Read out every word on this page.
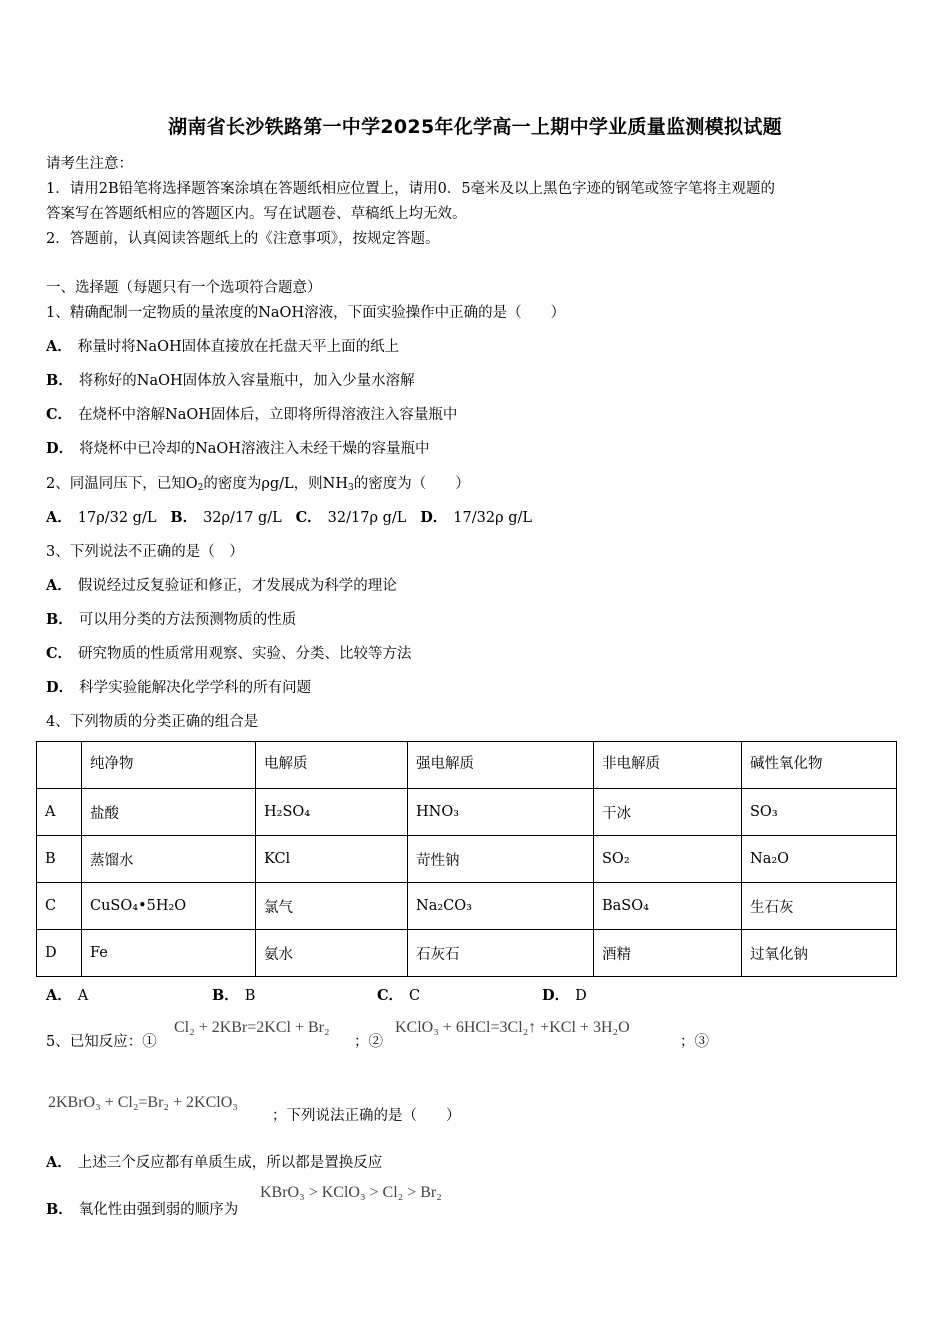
湖南省长沙铁路第一中学2025年化学高一上期中学业质量监测模拟试题
请考生注意：
1．请用2B铅笔将选择题答案涂填在答题纸相应位置上，请用0．5毫米及以上黑色字迹的钢笔或签字笔将主观题的
答案写在答题纸相应的答题区内。写在试题卷、草稿纸上均无效。
2．答题前，认真阅读答题纸上的《注意事项》，按规定答题。
一、选择题（每题只有一个选项符合题意）
1、精确配制一定物质的量浓度的NaOH溶液，下面实验操作中正确的是（　　）
A． 称量时将NaOH固体直接放在托盘天平上面的纸上
B． 将称好的NaOH固体放入容量瓶中，加入少量水溶解
C． 在烧杯中溶解NaOH固体后，立即将所得溶液注入容量瓶中
D． 将烧杯中已冷却的NaOH溶液注入未经干燥的容量瓶中
2、同温同压下，已知$O_2$的密度为ρg/L，则$NH_3$的密度为（　　）
A． 17ρ/32 g/L B． 32ρ/17 g/L C． 32/17ρ g/L D． 17/32ρ g/L
3、下列说法不正确的是（　）
A． 假说经过反复验证和修正，才发展成为科学的理论
B． 可以用分类的方法预测物质的性质
C． 研究物质的性质常用观察、实验、分类、比较等方法
D． 科学实验能解决化学学科的所有问题
4、下列物质的分类正确的组合是
	纯净物	电解质	强电解质	非电解质	碱性氧化物
A	盐酸	H₂SO₄	HNO₃	干冰	SO₃
B	蒸馏水	KCl	苛性钠	SO₂	Na₂O
C	CuSO₄•5H₂O	氯气	Na₂CO₃	BaSO₄	生石灰
D	Fe	氨水	石灰石	酒精	过氧化钠
A． A	B． B	C． C	D． D
5、已知反应：①
Cl₂ + 2KBr=2KCl + Br₂
；②
KClO₃ + 6HCl=3Cl₂↑ +KCl + 3H₂O
；③
2KBrO₃ + Cl₂=Br₂ + 2KClO₃
；下列说法正确的是（　　）
A． 上述三个反应都有单质生成，所以都是置换反应
B． 氧化性由强到弱的顺序为
KBrO₃ > KClO₃ > Cl₂ > Br₂
